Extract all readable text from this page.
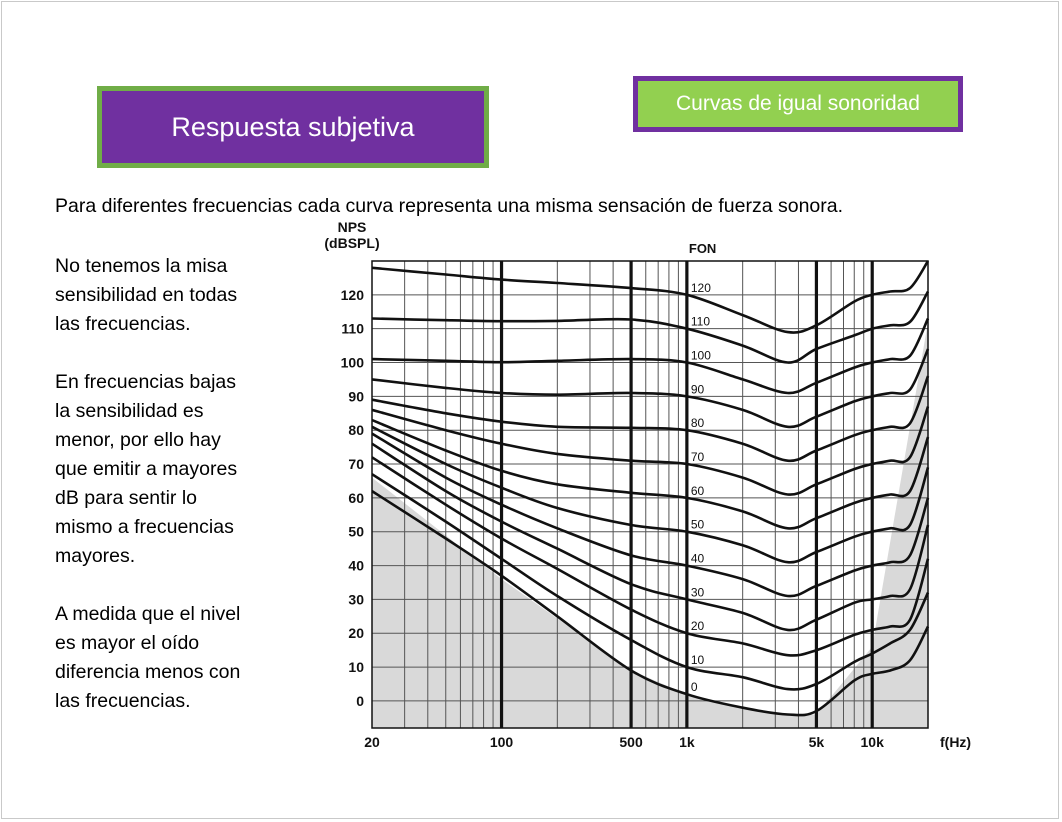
Respuesta subjetiva
Curvas de igual sonoridad
Para diferentes frecuencias cada curva representa una misma sensación de fuerza sonora.

No tenemos la misa
sensibilidad en todas
las frecuencias.

En frecuencias bajas
la sensibilidad es
menor, por ello hay
que emitir a mayores
dB para sentir lo
mismo a frecuencias
mayores.

A medida que el nivel
es mayor el oído
diferencia menos con
las frecuencias.

120
110
100
90
80
70
60
50
40
30
20
10
0
FON
0
10
20
30
40
50
60
70
80
90
100
110
120
20	100	500	1k	5k	10k
NPS
(dBSPL)
f(Hz)
